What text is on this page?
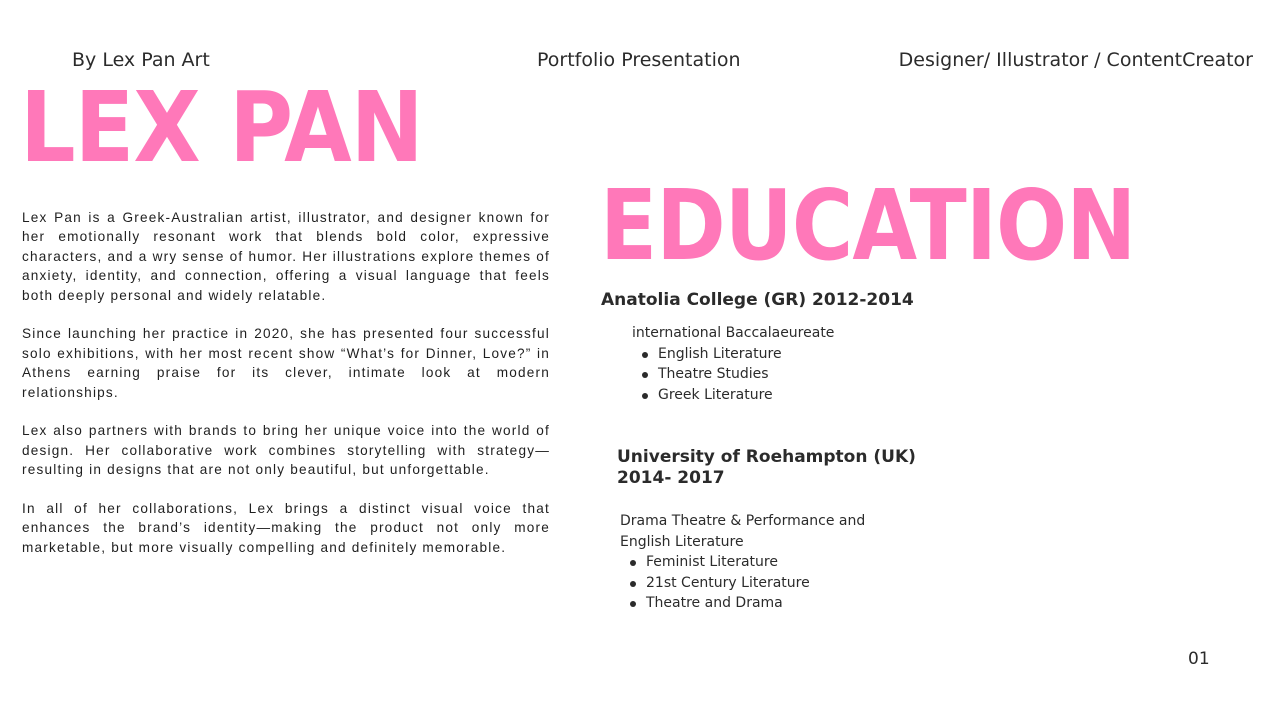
By Lex Pan Art	Portfolio Presentation	Designer/ Illustrator / ContentCreator
LEX PAN

Lex Pan is a Greek-Australian artist, illustrator, and designer known for her emotionally resonant work that blends bold color, expressive characters, and a wry sense of humor. Her illustrations explore themes of anxiety, identity, and connection, offering a visual language that feels both deeply personal and widely relatable.

Since launching her practice in 2020, she has presented four successful solo exhibitions, with her most recent show “What’s for Dinner, Love?” in Athens earning praise for its clever, intimate look at modern relationships.

Lex also partners with brands to bring her unique voice into the world of design. Her collaborative work combines storytelling with strategy—resulting in designs that are not only beautiful, but unforgettable.

In all of her collaborations, Lex brings a distinct visual voice that enhances the brand’s identity—making the product not only more marketable, but more visually compelling and definitely memorable.

EDUCATION
Anatolia College (GR) 2012-2014
international Baccalaeureate
English Literature
Theatre Studies
Greek Literature
University of Roehampton (UK)
2014- 2017
Drama Theatre & Performance and
English Literature
Feminist Literature
21st Century Literature
Theatre and Drama
01
